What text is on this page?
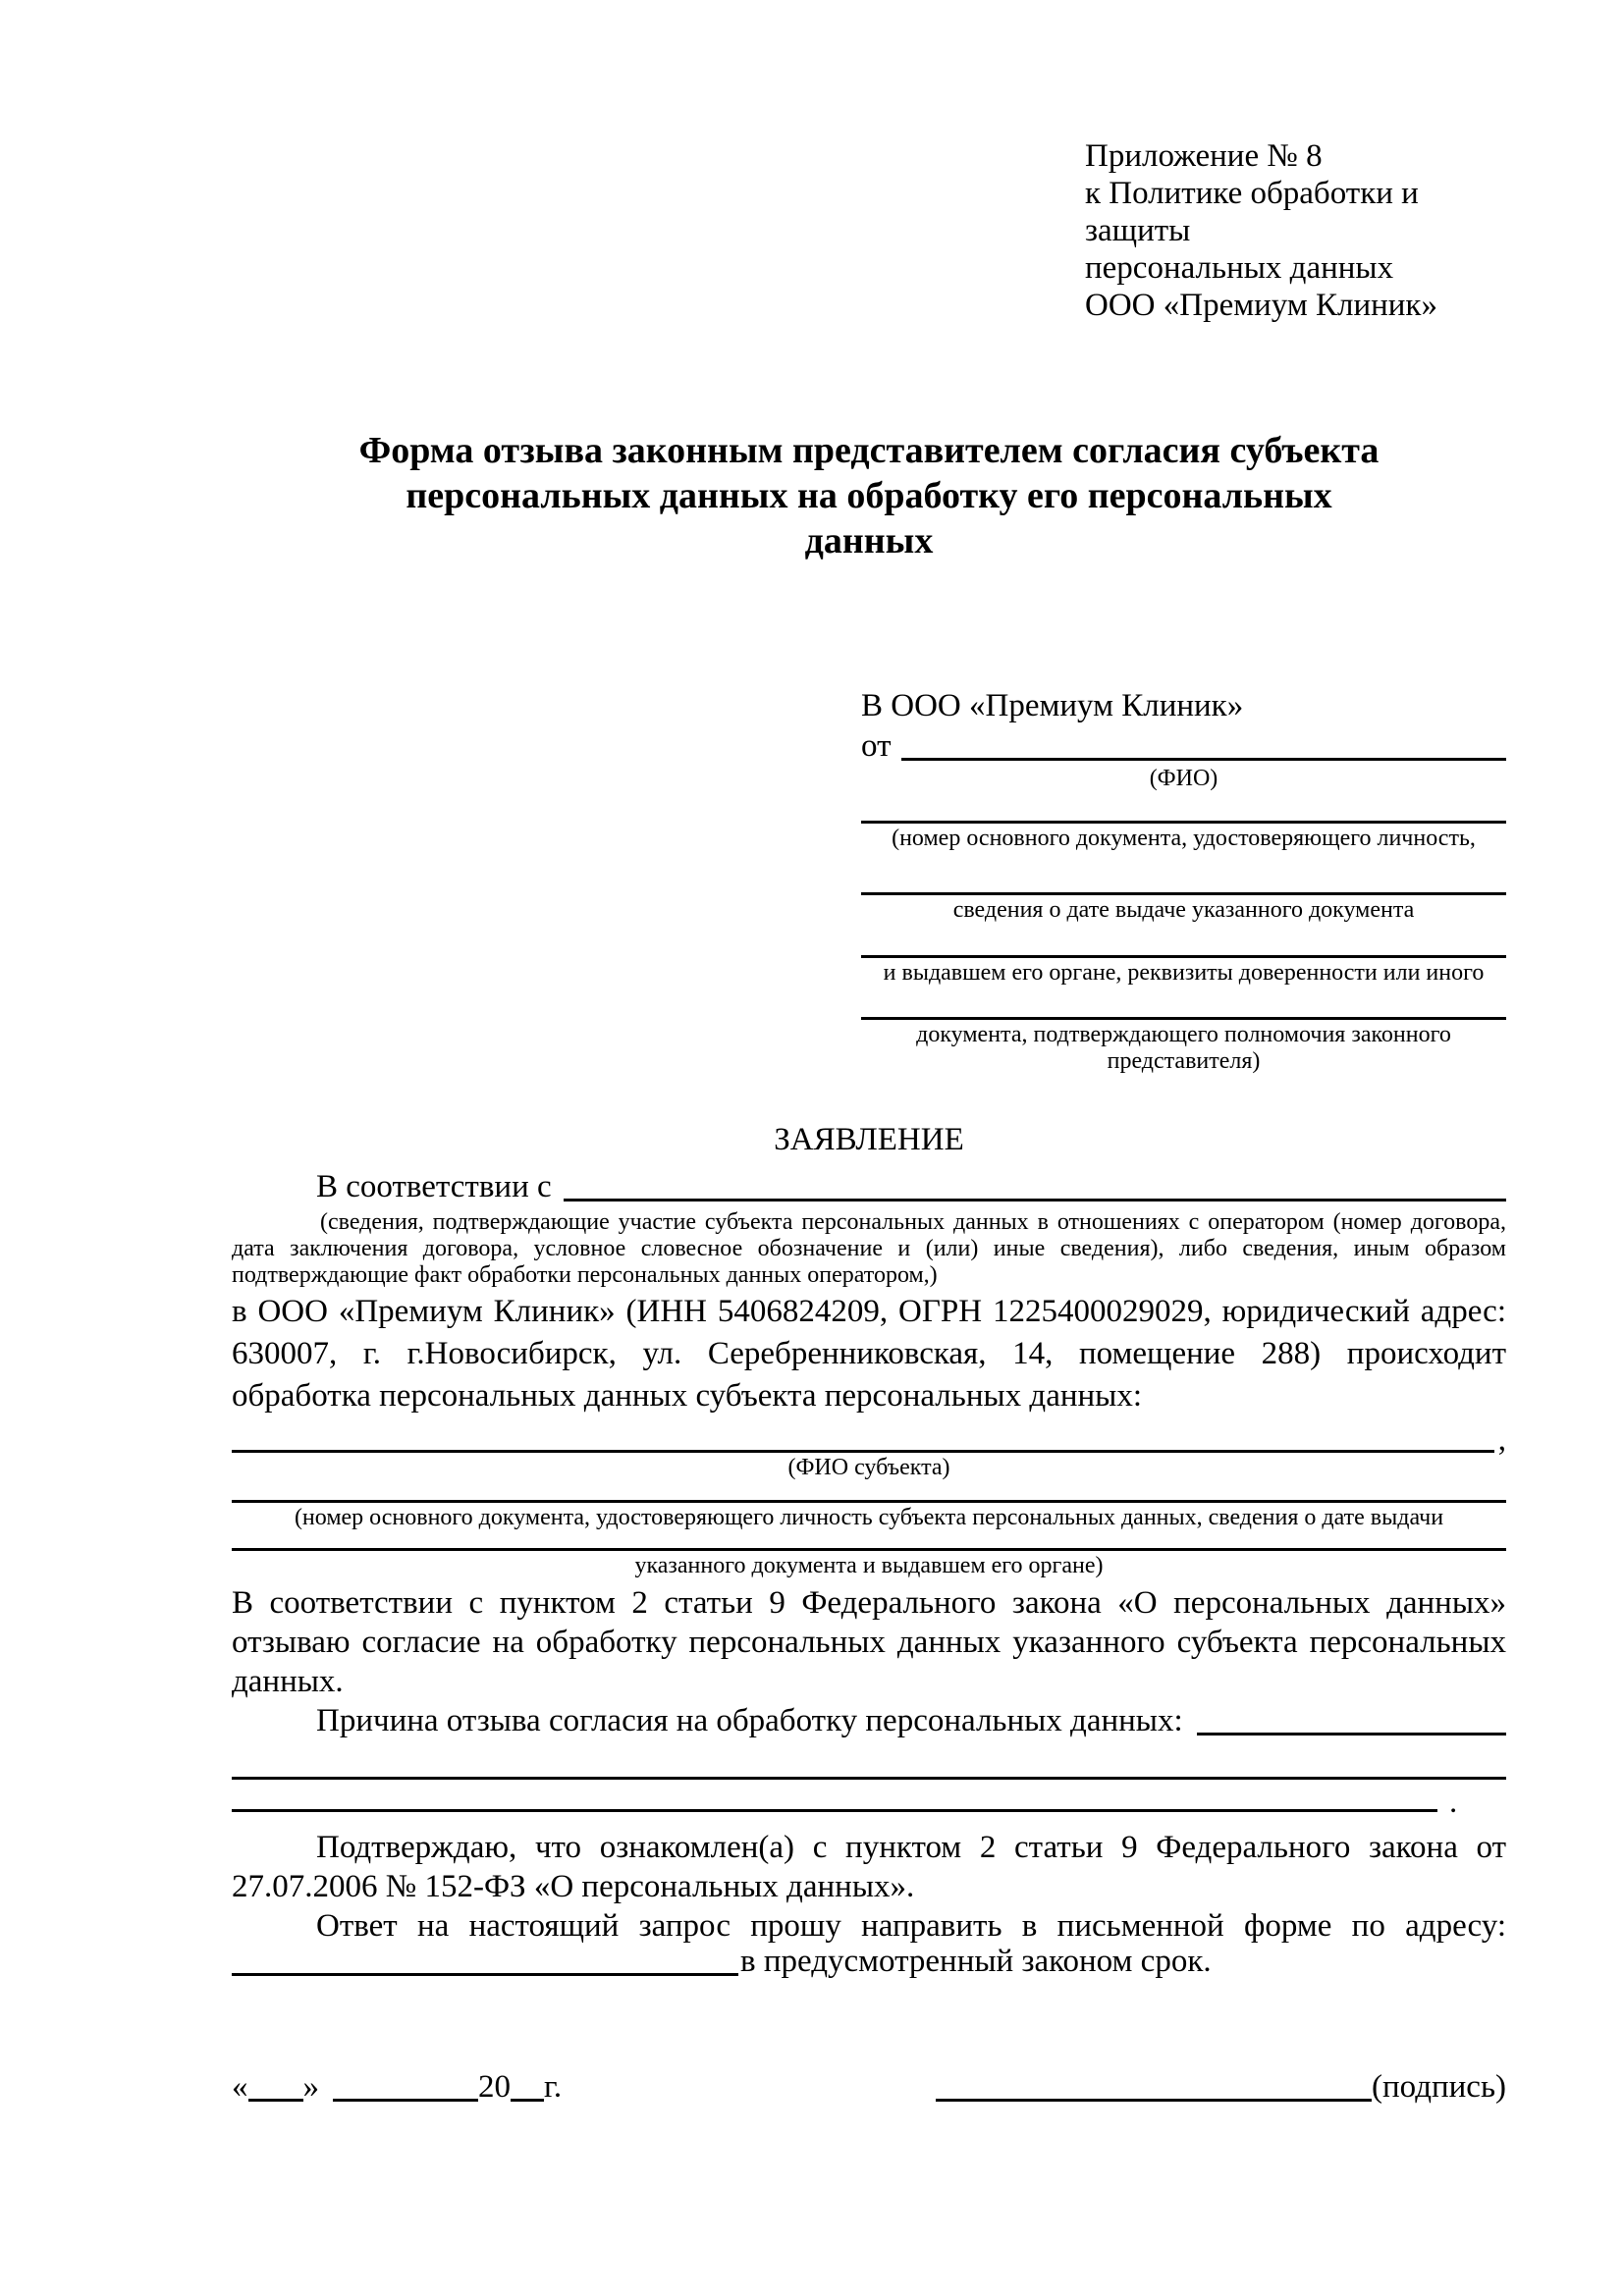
Приложение № 8
к Политике обработки и защиты
персональных данных
ООО «Премиум Клиник»
Форма отзыва законным представителем согласия субъекта персональных данных на обработку его персональных данных
В ООО «Премиум Клиник»
от
(ФИО)
(номер основного документа, удостоверяющего личность,
сведения о дате выдаче указанного документа
и выдавшем его органе, реквизиты доверенности или иного
документа, подтверждающего полномочия законного представителя)
ЗАЯВЛЕНИЕ
В соответствии с
(сведения, подтверждающие участие субъекта персональных данных в отношениях с оператором (номер договора, дата заключения договора, условное словесное обозначение и (или) иные сведения), либо сведения, иным образом подтверждающие факт обработки персональных данных оператором,)

в ООО «Премиум Клиник» (ИНН 5406824209, ОГРН 1225400029029, юридический адрес: 630007, г. г.Новосибирск, ул. Серебренниковская, 14, помещение 288) происходит обработка персональных данных субъекта персональных данных:

,
(ФИО субъекта)
(номер основного документа, удостоверяющего личность субъекта персональных данных, сведения о дате выдачи
указанного документа и выдавшем его органе)

В соответствии с пунктом 2 статьи 9 Федерального закона «О персональных данных» отзываю согласие на обработку персональных данных указанного субъекта персональных данных.

Причина отзыва согласия на обработку персональных данных:
.

Подтверждаю, что ознакомлен(а) с пунктом 2 статьи 9 Федерального закона от 27.07.2006 № 152-ФЗ «О персональных данных».

Ответ на настоящий запрос прошу направить в письменной форме по адресу:

в предусмотренный законом срок.
« »	20 г.	(подпись)
